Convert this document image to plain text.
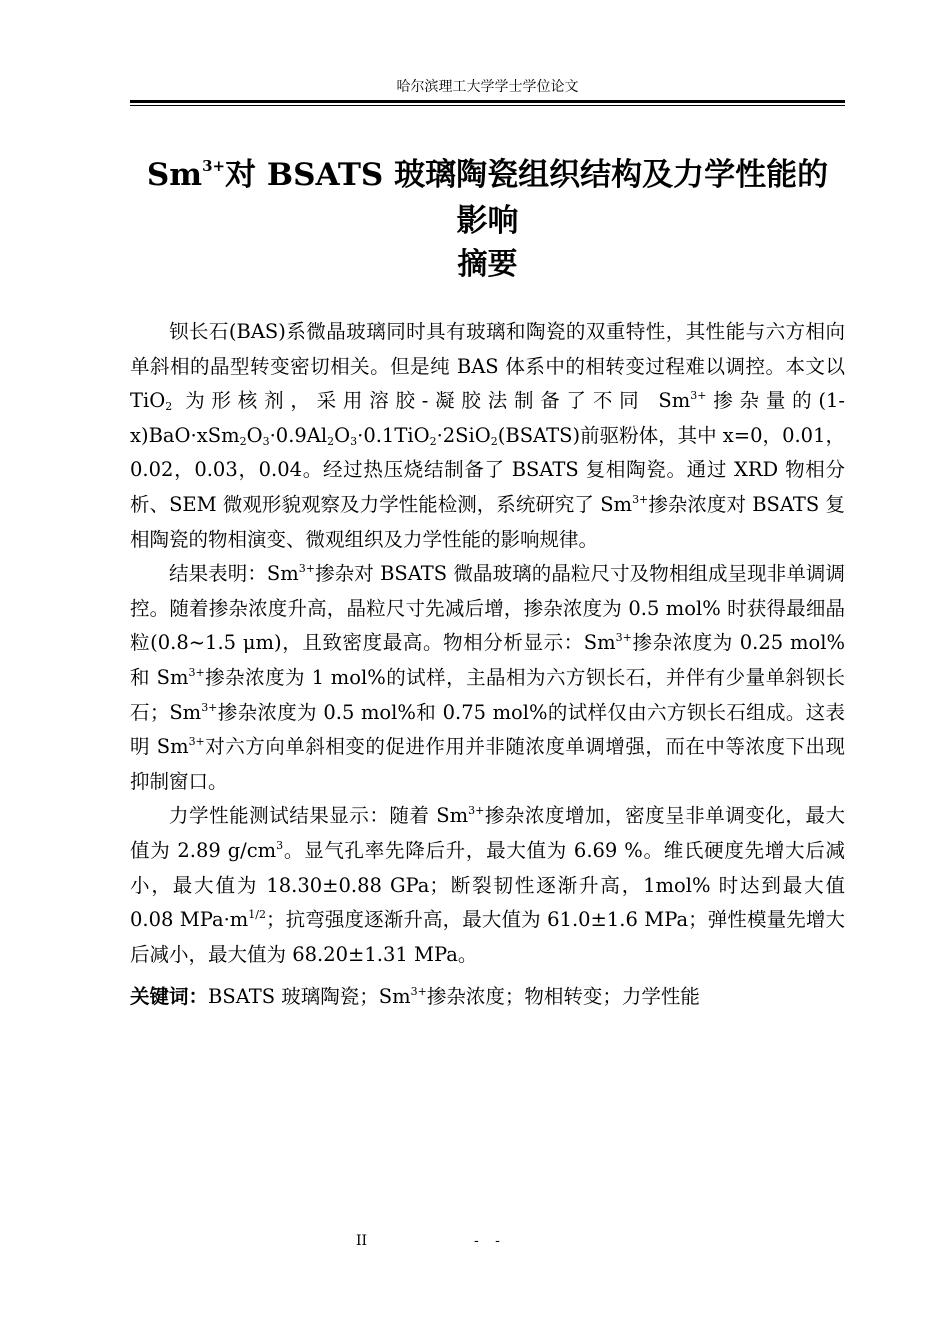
哈尔滨理工大学学士学位论文
$Sm^{3+}$对 BSATS 玻璃陶瓷组织结构及力学性能的
影响
摘要

钡长石(BAS)系微晶玻璃同时具有玻璃和陶瓷的双重特性，其性能与六方相向单斜相的晶型转变密切相关。但是纯 BAS 体系中的相转变过程难以调控。本文以 TiO$_2$ 为形核剂，采用溶胶-凝胶法制备了不同 $Sm^{3+}$掺杂量的$(1-x)BaO\cdot xSm_2O_3\cdot 0.9Al_2O_3\cdot 0.1TiO_2\cdot 2SiO_2(BSATS)$前驱粉体，其中 x=0，0.01，0.02，0.03，0.04。经过热压烧结制备了 BSATS 复相陶瓷。通过 XRD 物相分析、SEM 微观形貌观察及力学性能检测，系统研究了 $Sm^{3+}$掺杂浓度对 BSATS 复相陶瓷的物相演变、微观组织及力学性能的影响规律。

结果表明：$Sm^{3+}$掺杂对 BSATS 微晶玻璃的晶粒尺寸及物相组成呈现非单调调控。随着掺杂浓度升高，晶粒尺寸先减后增，掺杂浓度为 0.5 mol% 时获得最细晶粒(0.8~1.5 μm)，且致密度最高。物相分析显示：$Sm^{3+}$掺杂浓度为 0.25 mol%和 $Sm^{3+}$掺杂浓度为 1 mol%的试样，主晶相为六方钡长石，并伴有少量单斜钡长石；$Sm^{3+}$掺杂浓度为 0.5 mol%和 0.75 mol%的试样仅由六方钡长石组成。这表明 $Sm^{3+}$对六方向单斜相变的促进作用并非随浓度单调增强，而在中等浓度下出现抑制窗口。

力学性能测试结果显示：随着 $Sm^{3+}$掺杂浓度增加，密度呈非单调变化，最大值为 2.89 $g/cm^3$。显气孔率先降后升，最大值为 6.69 %。维氏硬度先增大后减小，最大值为 18.30±0.88 GPa；断裂韧性逐渐升高，1mol% 时达到最大值 0.08 $MPa\cdot m^{1/2}$；抗弯强度逐渐升高，最大值为 61.0±1.6 MPa；弹性模量先增大后减小，最大值为 68.20±1.31 MPa。

关键词：BSATS 玻璃陶瓷；$Sm^{3+}$掺杂浓度；物相转变；力学性能
II	- -
